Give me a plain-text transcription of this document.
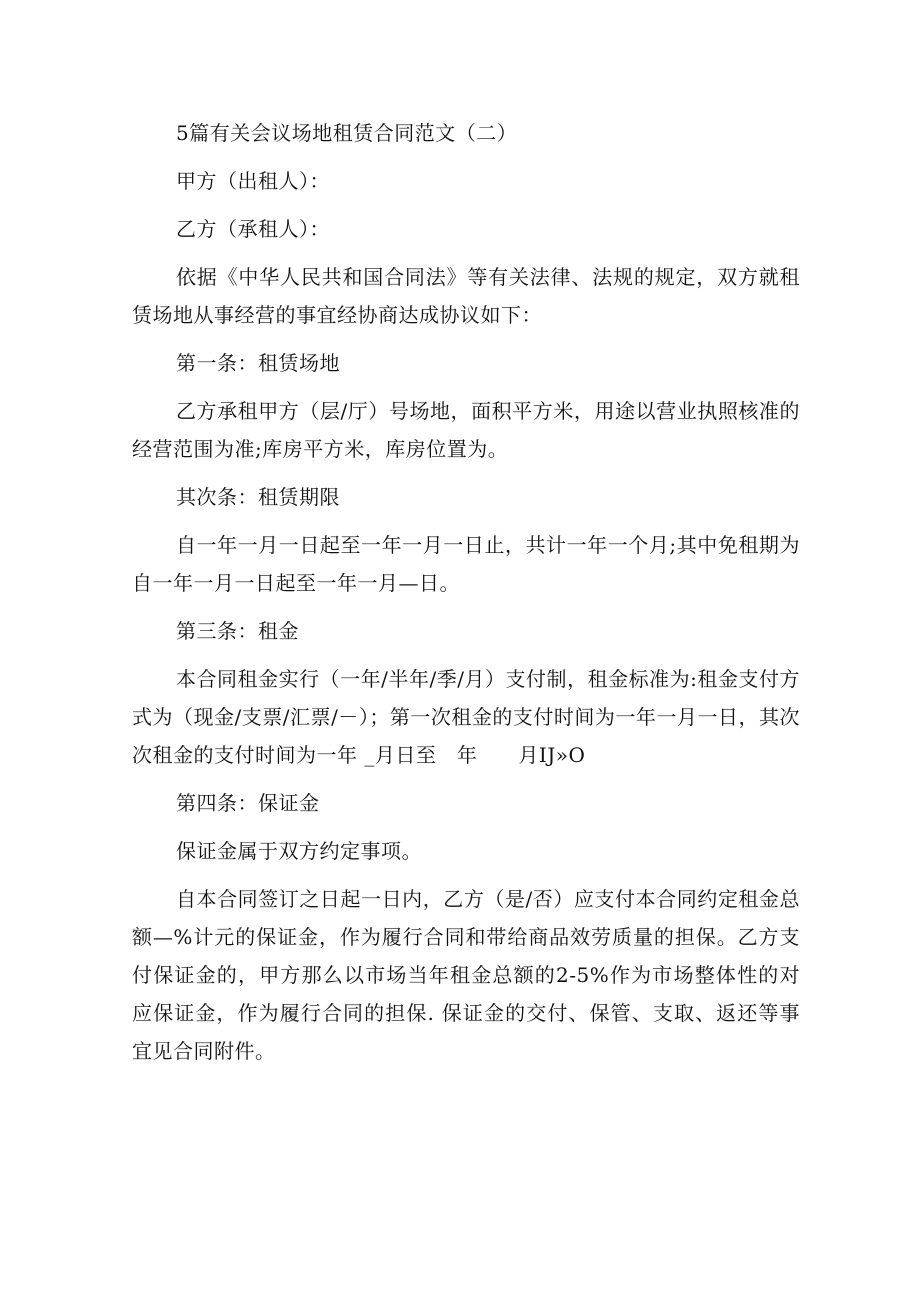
5篇有关会议场地租赁合同范文（二）

甲方（出租人）：

乙方（承租人）：

依据《中华人民共和国合同法》等有关法律、法规的规定，双方就租赁场地从事经营的事宜经协商达成协议如下：

第一条：租赁场地

乙方承租甲方（层/厅）号场地，面积平方米，用途以营业执照核准的经营范围为准;库房平方米，库房位置为。

其次条：租赁期限

自一年一月一日起至一年一月一日止，共计一年一个月;其中免租期为自一年一月一日起至一年一月—日。

第三条：租金

本合同租金实行（一年/半年/季/月）支付制，租金标准为:租金支付方式为（现金/支票/汇票/－）；第一次租金的支付时间为一年一月一日，其次次租金的支付时间为一年 _月日至　年　　月IJ»O

第四条：保证金

保证金属于双方约定事项。

自本合同签订之日起一日内，乙方（是/否）应支付本合同约定租金总额—%计元的保证金，作为履行合同和带给商品效劳质量的担保。乙方支付保证金的，甲方那么以市场当年租金总额的2-5%作为市场整体性的对应保证金，作为履行合同的担保. 保证金的交付、保管、支取、返还等事宜见合同附件。
